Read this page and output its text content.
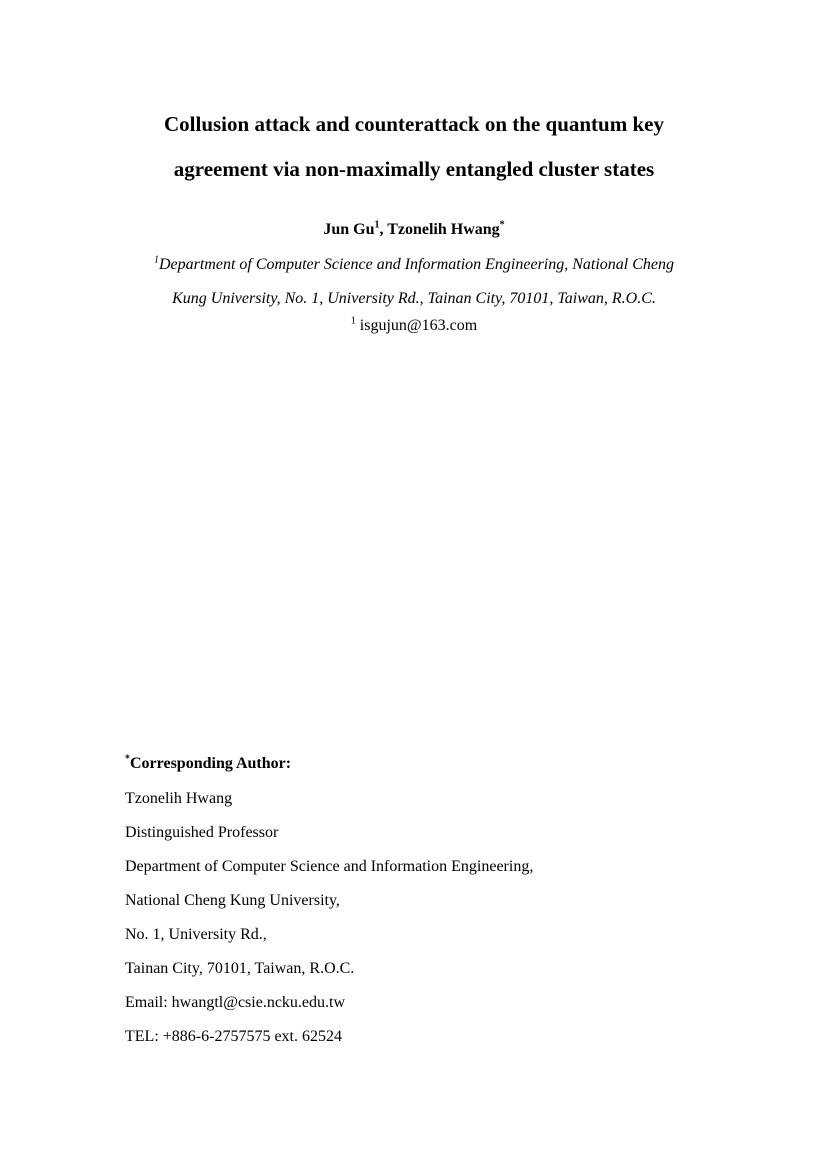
Collusion attack and counterattack on the quantum key
agreement via non-maximally entangled cluster states
Jun Gu$^1$, Tzonelih Hwang*
$^1$Department of Computer Science and Information Engineering, National Cheng
Kung University, No. 1, University Rd., Tainan City, 70101, Taiwan, R.O.C.
$^1$ isgujun@163.com
*Corresponding Author:
Tzonelih Hwang
Distinguished Professor
Department of Computer Science and Information Engineering,
National Cheng Kung University,
No. 1, University Rd.,
Tainan City, 70101, Taiwan, R.O.C.
Email: hwangtl@csie.ncku.edu.tw
TEL: +886-6-2757575 ext. 62524
